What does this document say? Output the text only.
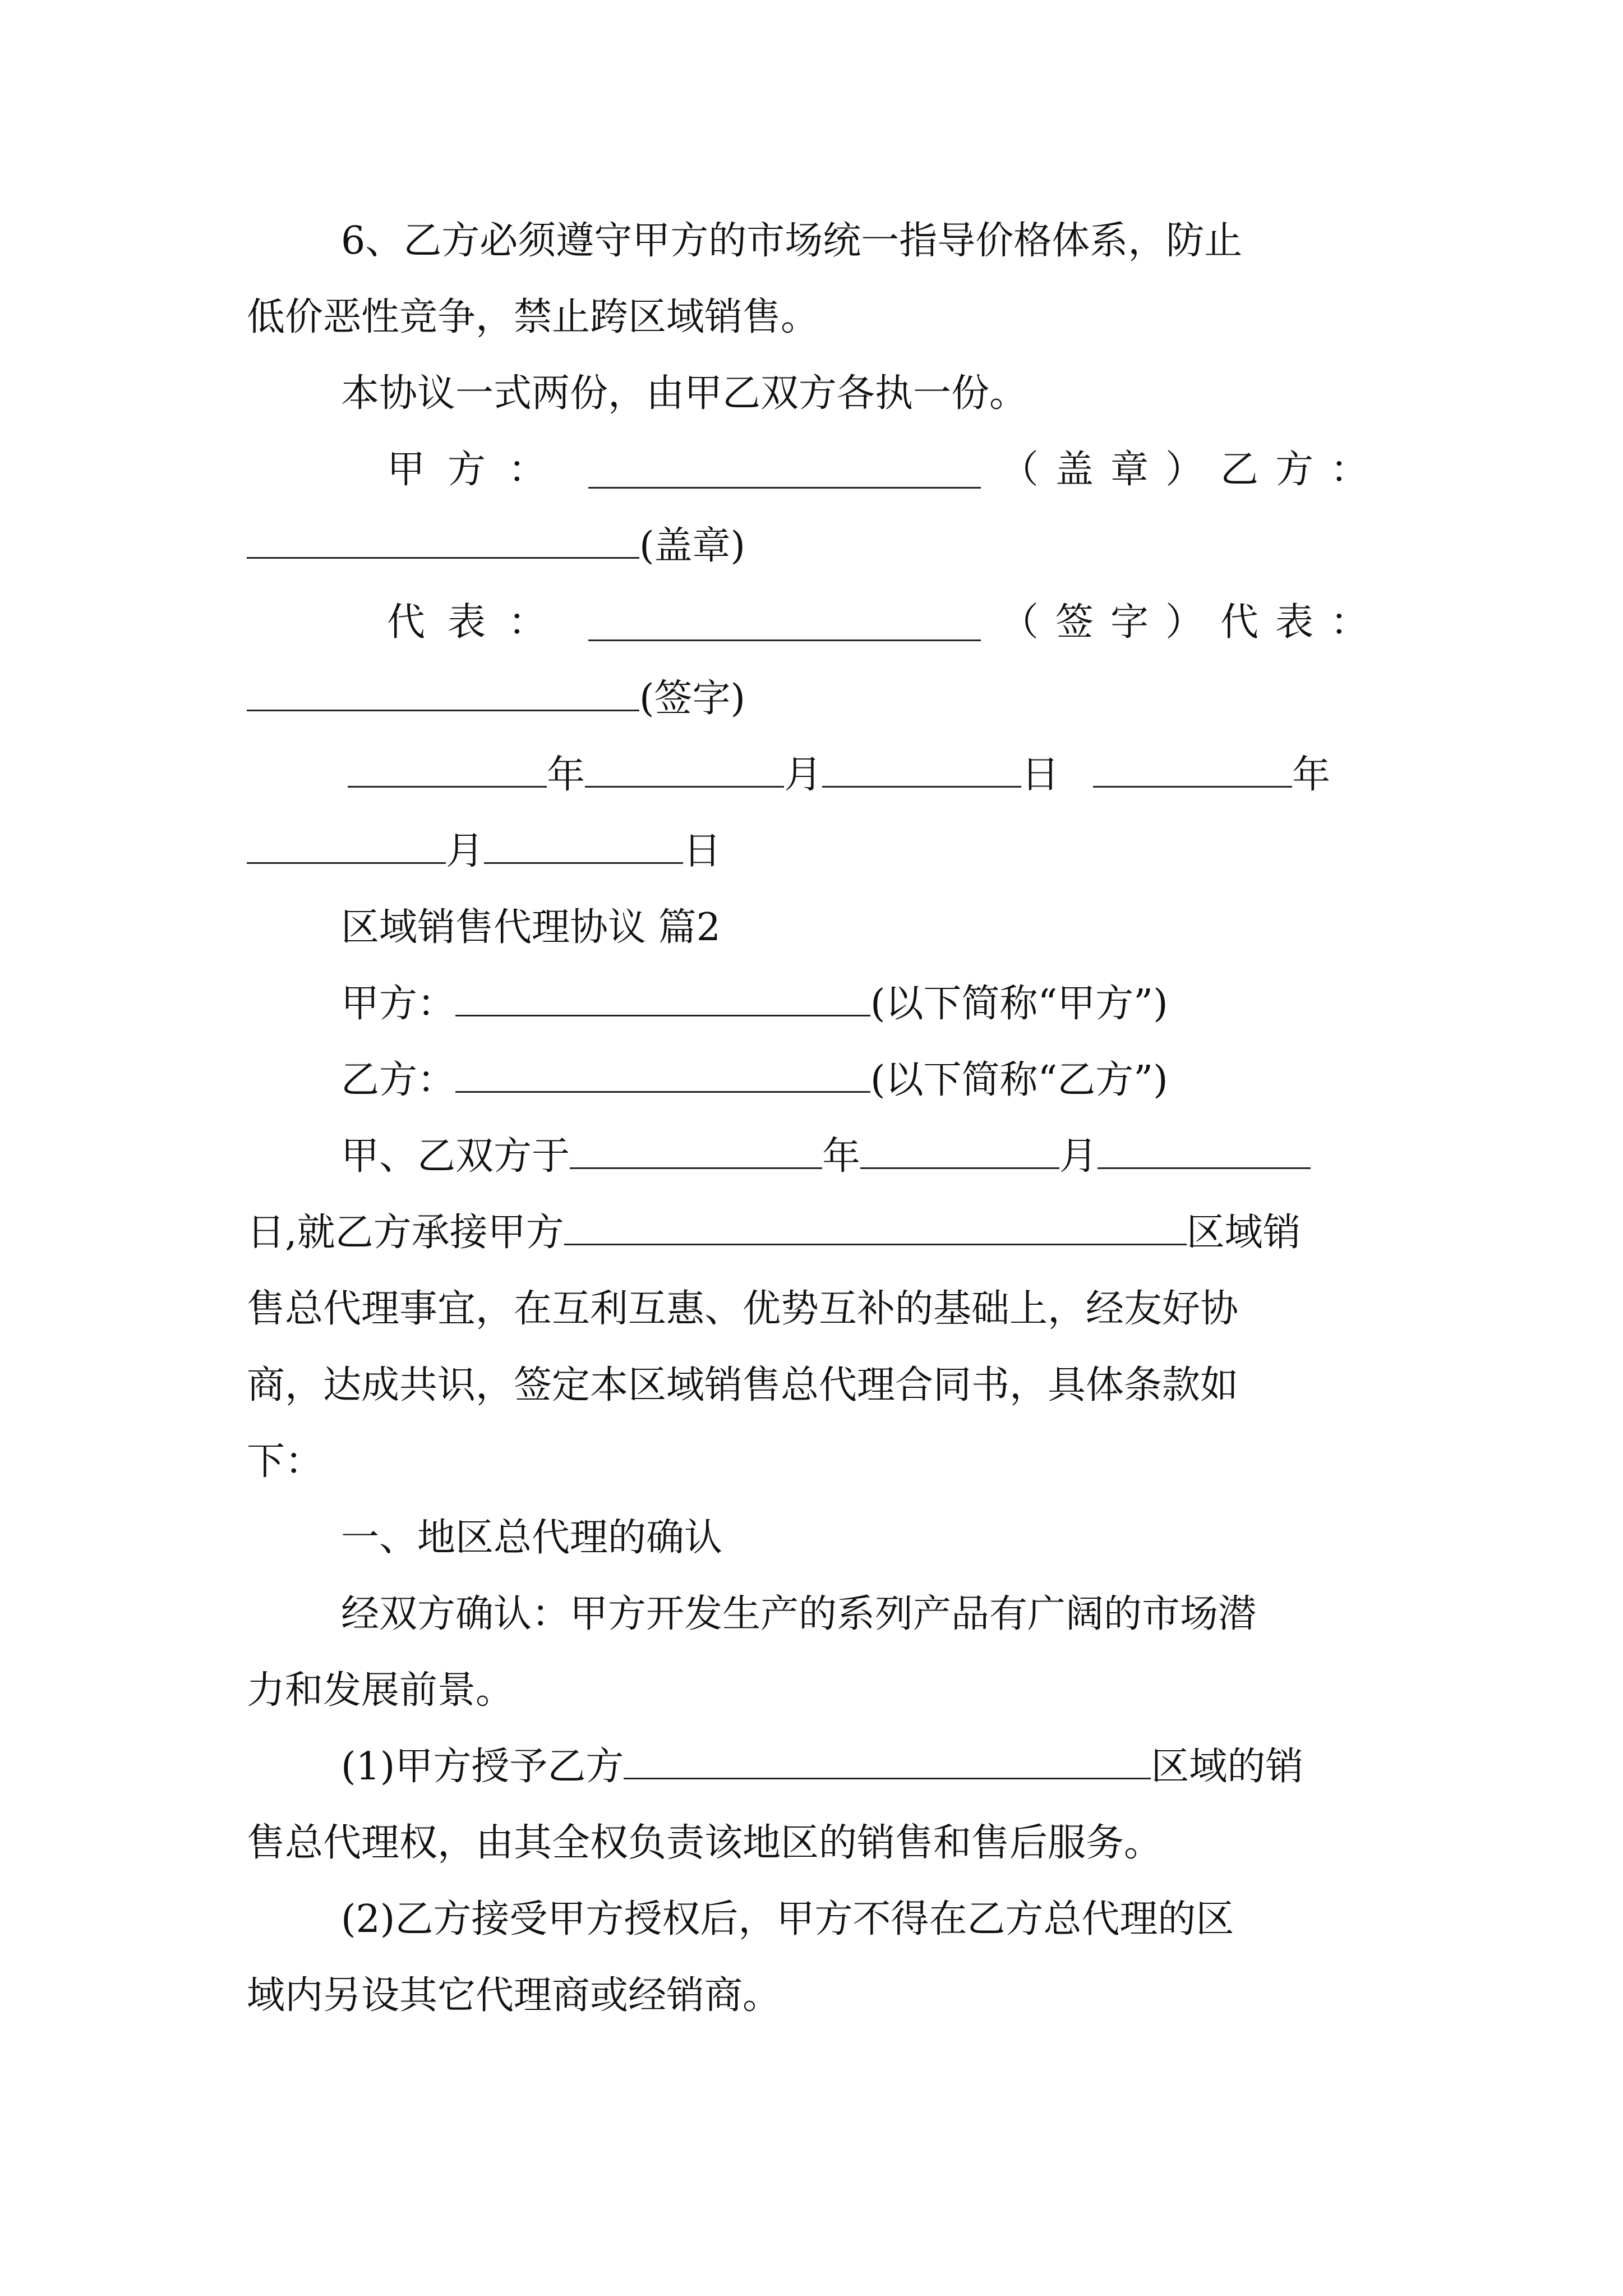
6、乙方必须遵守甲方的市场统一指导价格体系，防止
低价恶性竞争，禁止跨区域销售。
本协议一式两份，由甲乙双方各执一份。
甲方：	（盖章）乙方：
(盖章)
代表：	（签字）代表：
(签字)
年	月	日	年
月	日
区域销售代理协议 篇2
甲方：	(以下简称“甲方”)
乙方：	(以下简称“乙方”)
甲、乙双方于	年	月
日,就乙方承接甲方	区域销
售总代理事宜，在互利互惠、优势互补的基础上，经友好协
商，达成共识，签定本区域销售总代理合同书，具体条款如
下：
一、地区总代理的确认
经双方确认：甲方开发生产的系列产品有广阔的市场潜
力和发展前景。
(1)甲方授予乙方	区域的销
售总代理权，由其全权负责该地区的销售和售后服务。
(2)乙方接受甲方授权后，甲方不得在乙方总代理的区
域内另设其它代理商或经销商。
